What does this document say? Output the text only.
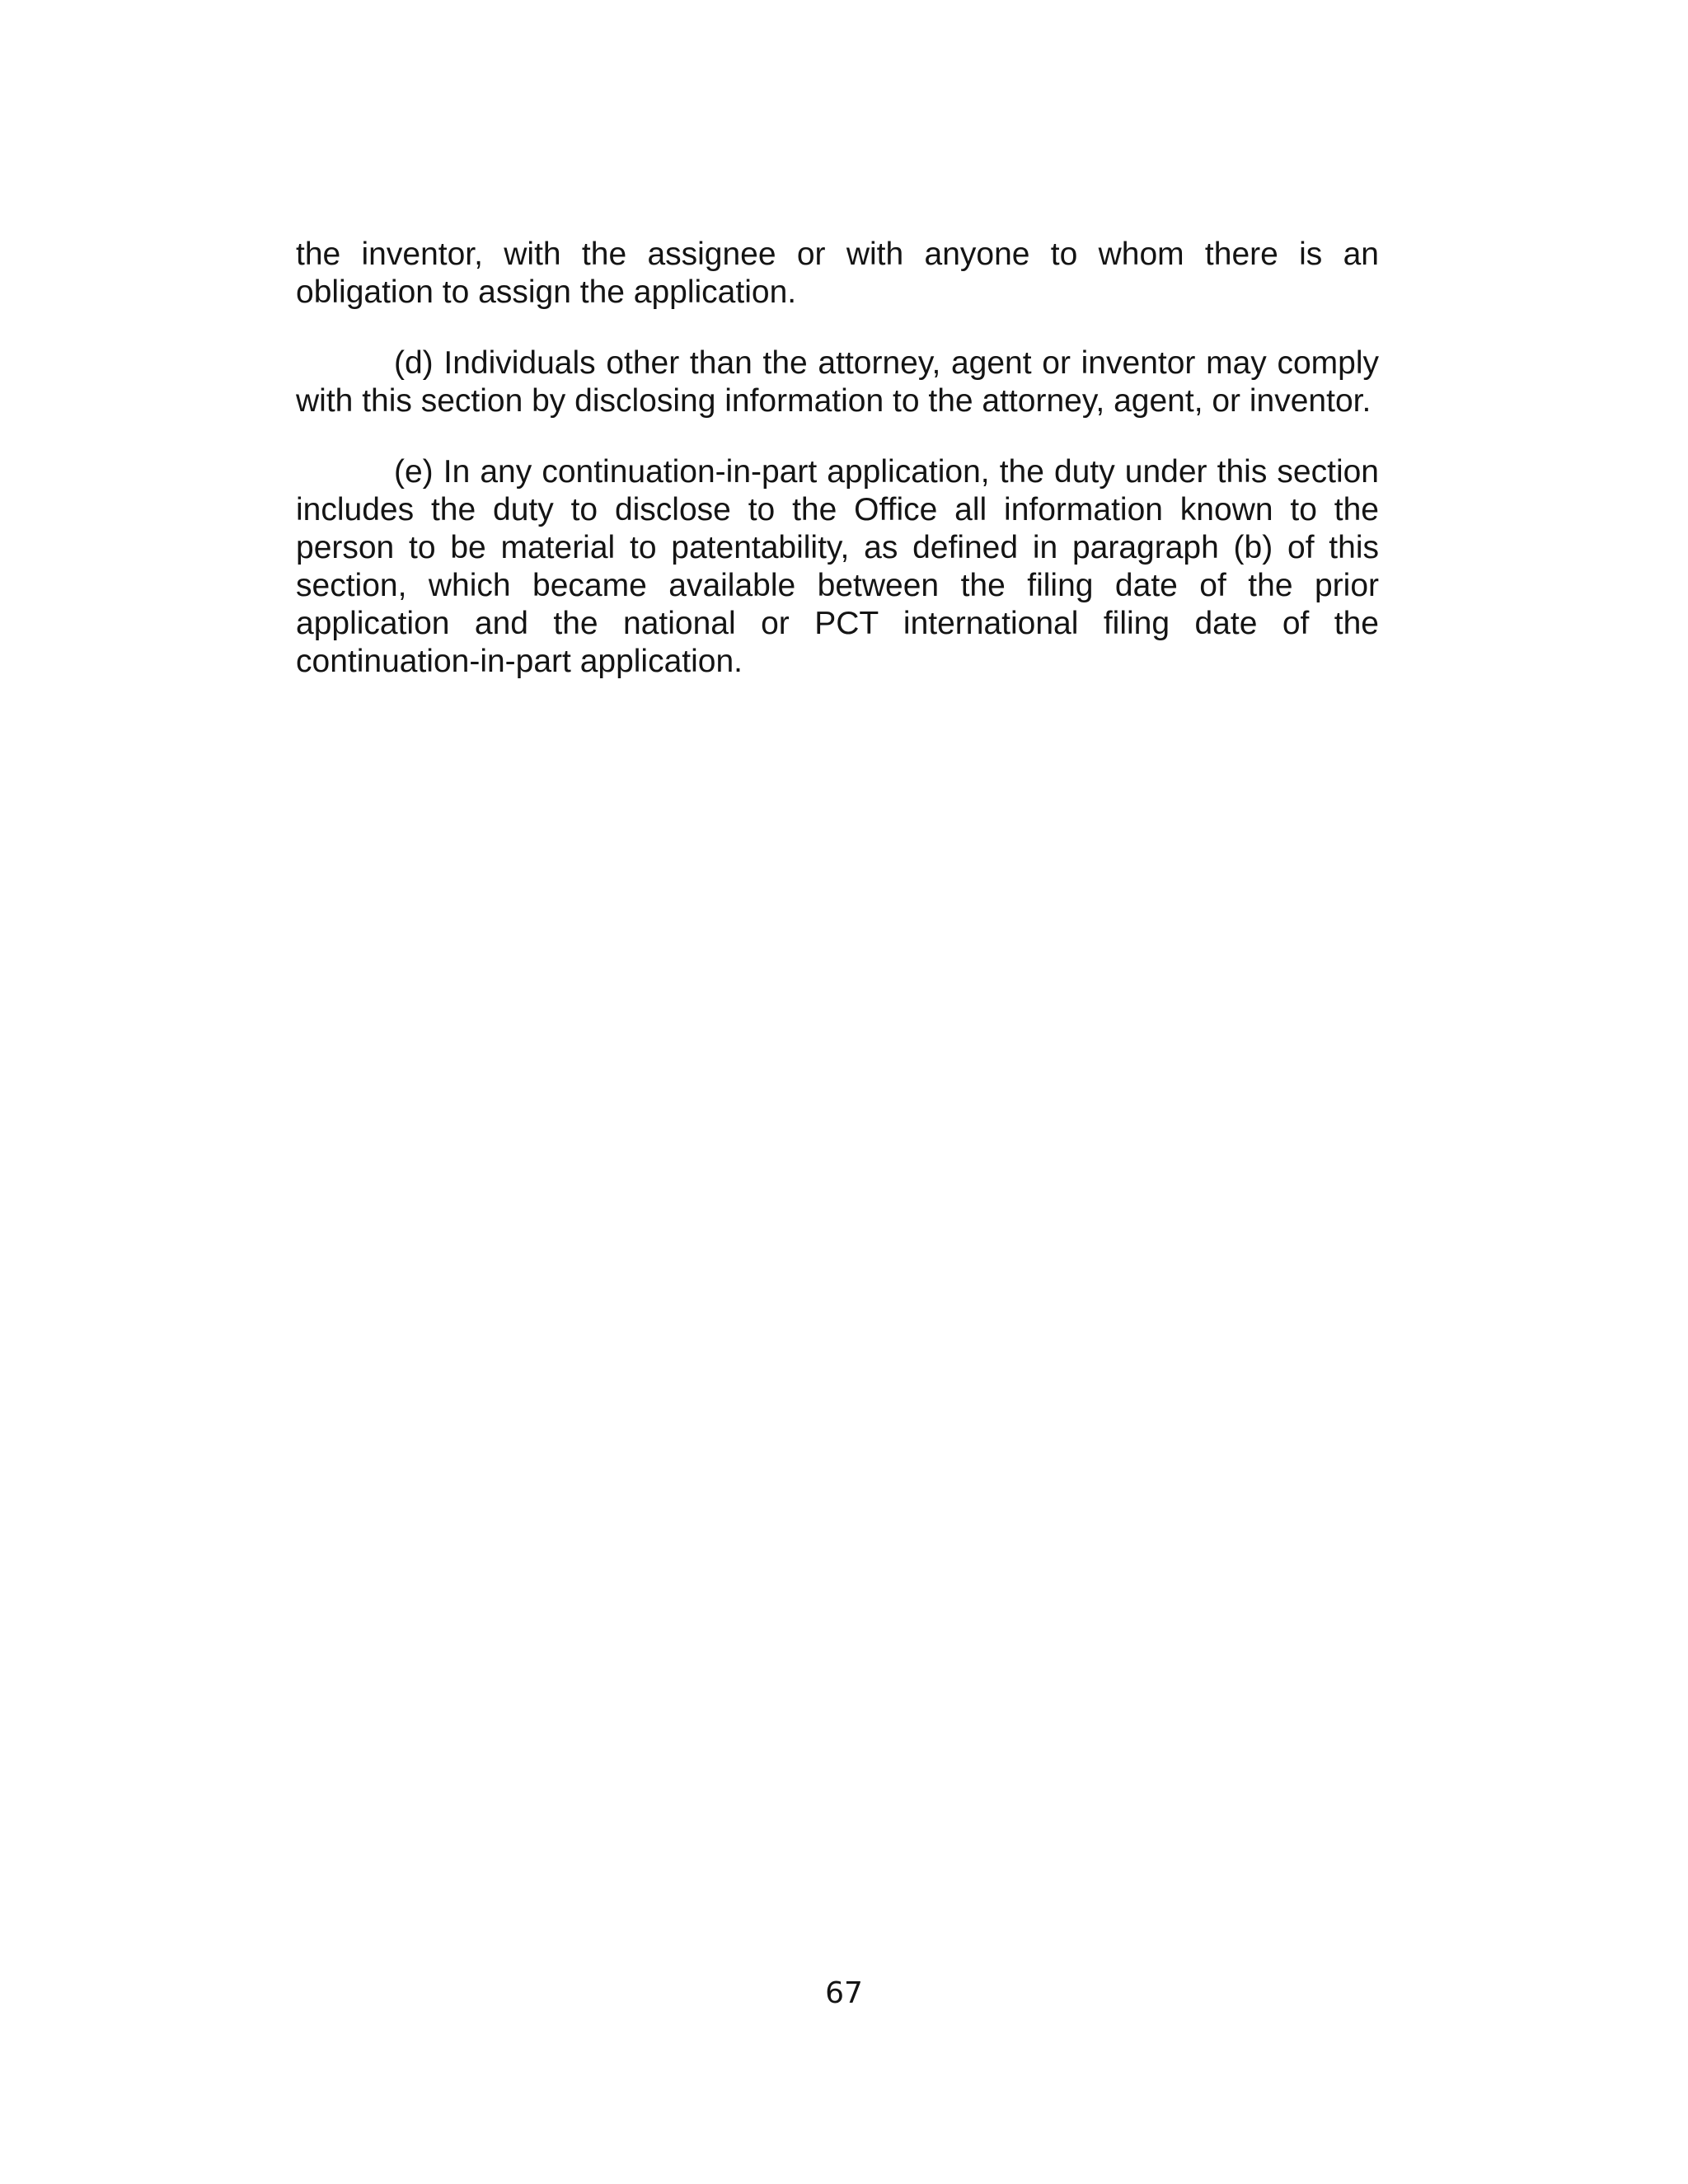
the inventor, with the assignee or with anyone to whom there is an obligation to assign the application.

(d) Individuals other than the attorney, agent or inventor may comply with this section by disclosing information to the attorney, agent, or inventor.

(e) In any continuation-in-part application, the duty under this section includes the duty to disclose to the Office all information known to the person to be material to patentability, as defined in paragraph (b) of this section, which became available between the filing date of the prior application and the national or PCT international filing date of the continuation-in-part application.

67
